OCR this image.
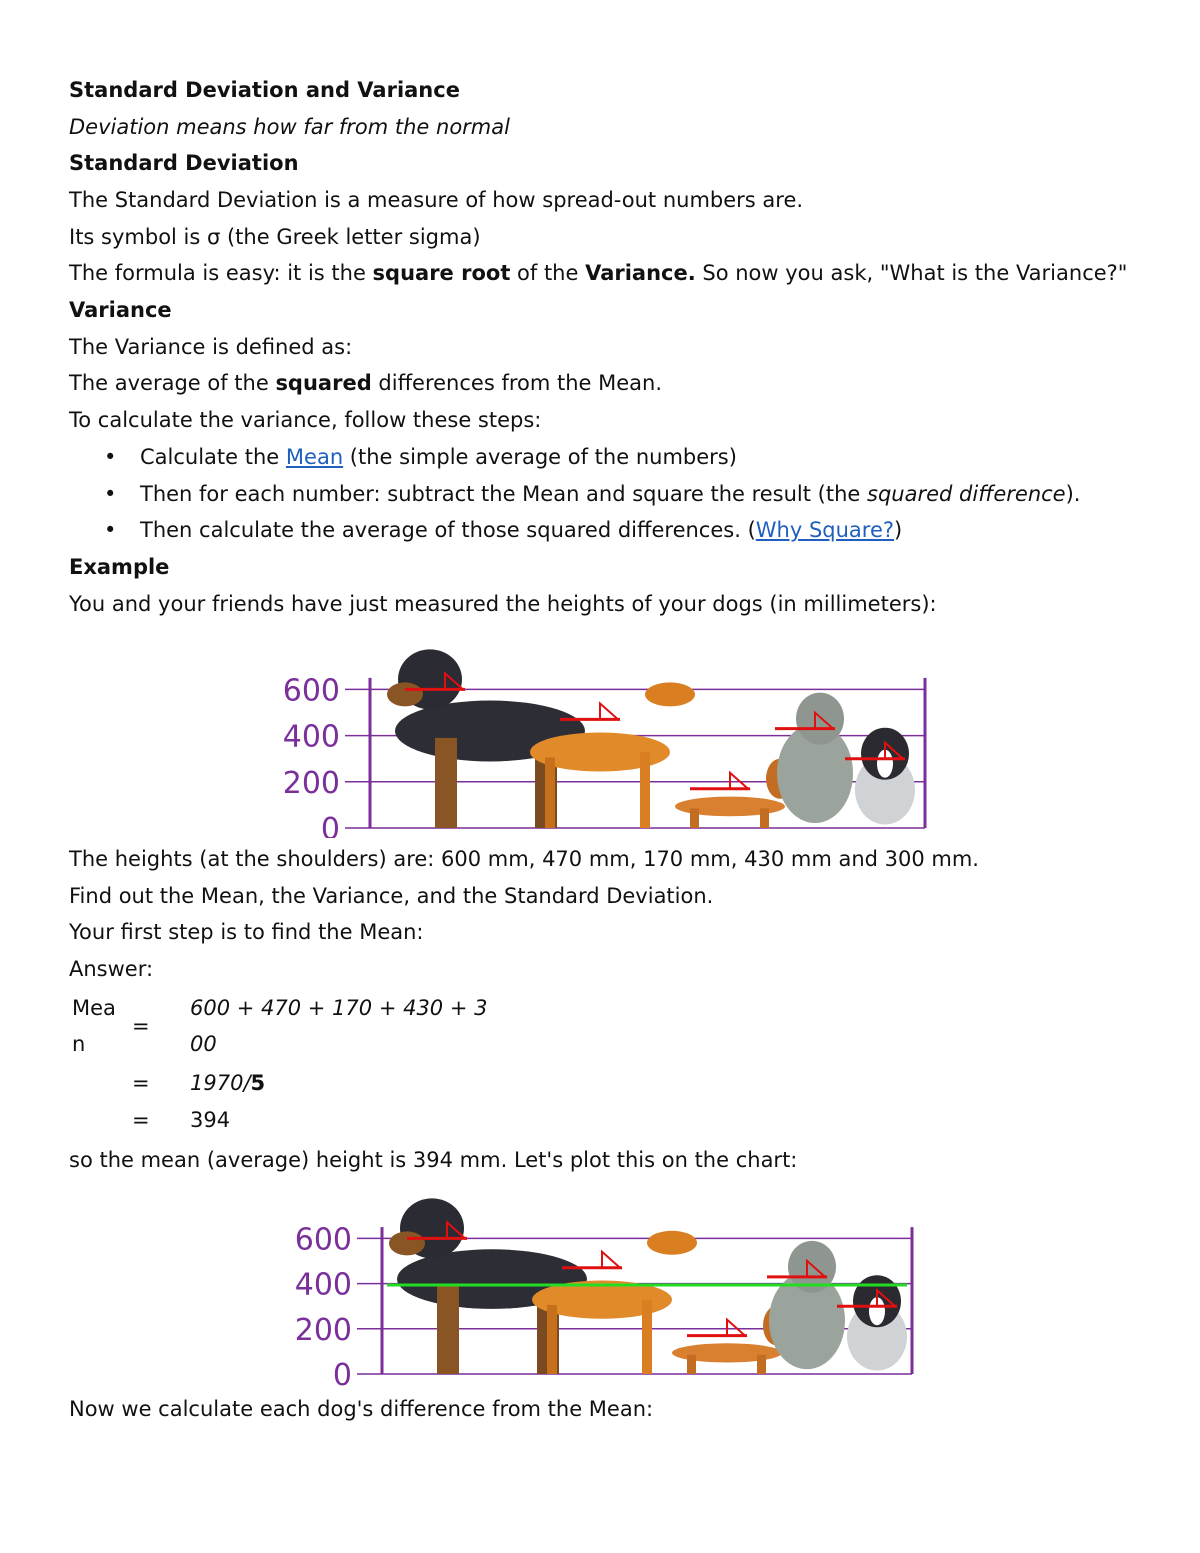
Standard Deviation and Variance
Deviation means how far from the normal
Standard Deviation
The Standard Deviation is a measure of how spread-out numbers are.
Its symbol is σ (the Greek letter sigma)
The formula is easy: it is the square root of the Variance. So now you ask, "What is the Variance?"
Variance
The Variance is defined as:
The average of the squared differences from the Mean.
To calculate the variance, follow these steps:
• Calculate the Mean (the simple average of the numbers)
• Then for each number: subtract the Mean and square the result (the squared difference).
• Then calculate the average of those squared differences. (Why Square?)
Example
You and your friends have just measured the heights of your dogs (in millimeters):
0
200
400
600
The heights (at the shoulders) are: 600 mm, 470 mm, 170 mm, 430 mm and 300 mm.
Find out the Mean, the Variance, and the Standard Deviation.
Your first step is to find the Mean:
Answer:
Mea
n
=
600 + 470 + 170 + 430 + 3
00
= 1970/5
= 394
so the mean (average) height is 394 mm. Let's plot this on the chart:
0
200
400
600
Now we calculate each dog's difference from the Mean:
